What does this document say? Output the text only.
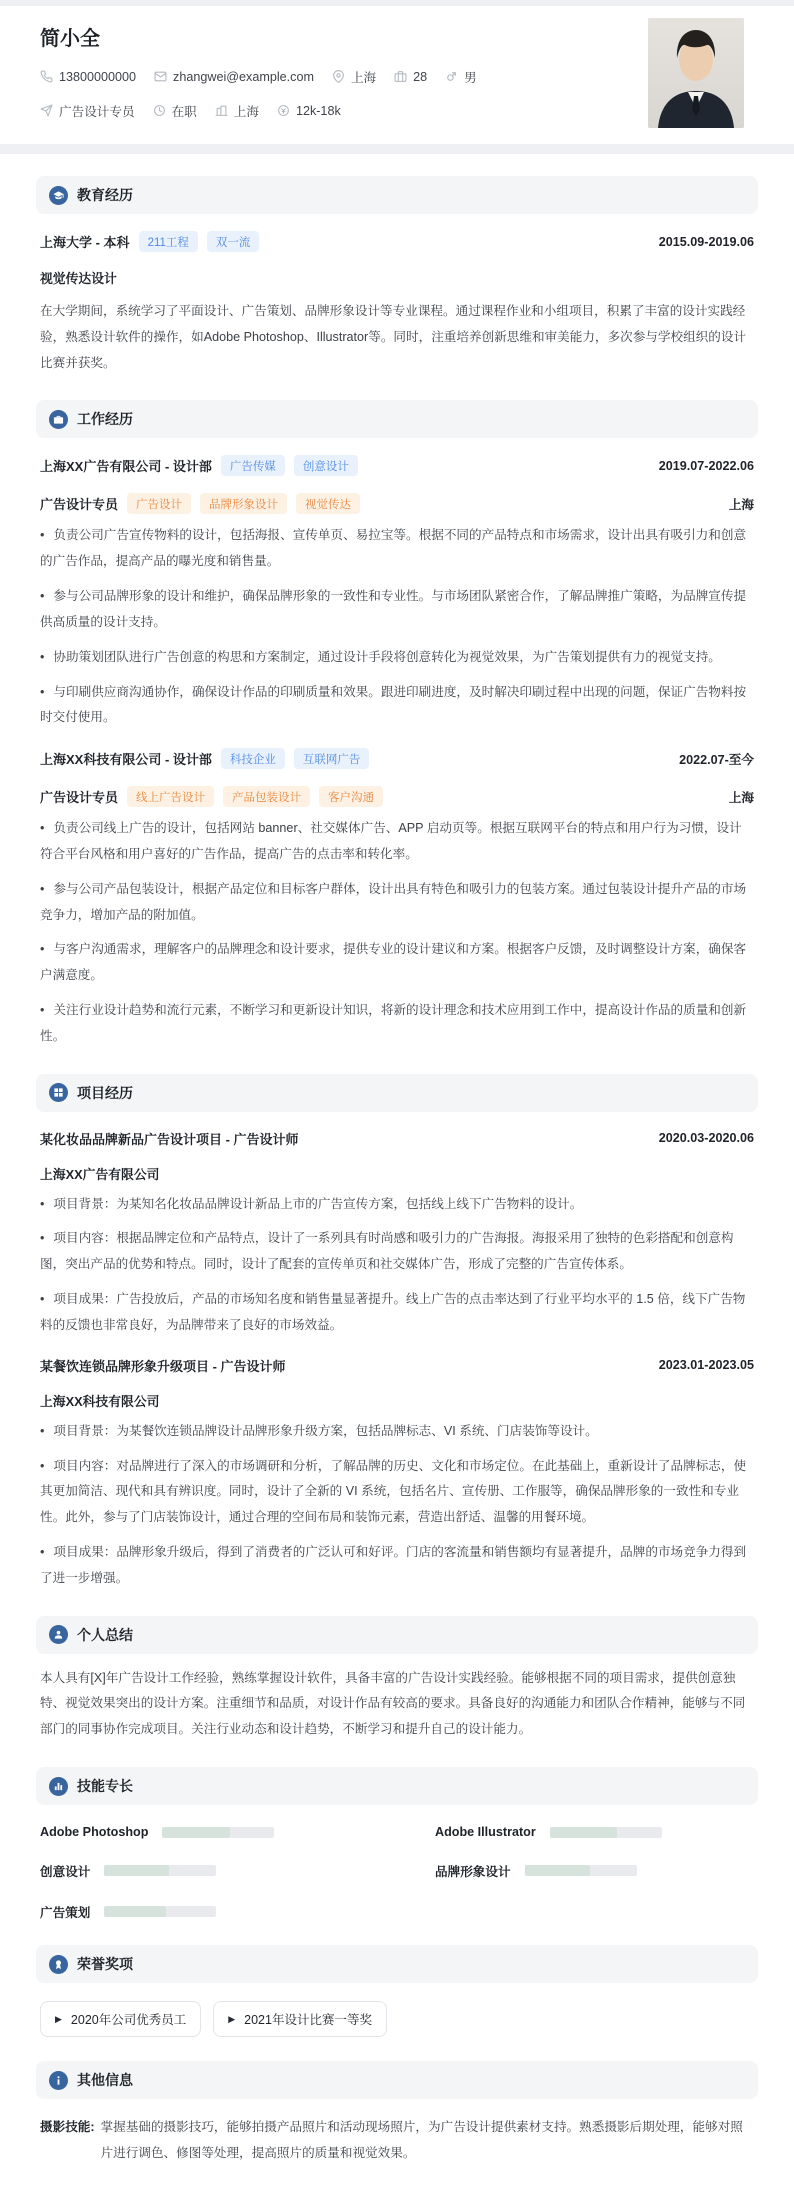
简小全
13800000000	zhangwei@example.com	上海	28	男
广告设计专员	在职	上海	12k-18k
教育经历
上海大学 - 本科	211工程	双一流	2015.09-2019.06
视觉传达设计
在大学期间，系统学习了平面设计、广告策划、品牌形象设计等专业课程。通过课程作业和小组项目，积累了丰富的设计实践经验，熟悉设计软件的操作，如Adobe Photoshop、Illustrator等。同时，注重培养创新思维和审美能力，多次参与学校组织的设计比赛并获奖。
工作经历
上海XX广告有限公司 - 设计部	广告传媒	创意设计	2019.07-2022.06
广告设计专员	广告设计	品牌形象设计	视觉传达	上海
• 负责公司广告宣传物料的设计，包括海报、宣传单页、易拉宝等。根据不同的产品特点和市场需求，设计出具有吸引力和创意的广告作品，提高产品的曝光度和销售量。
• 参与公司品牌形象的设计和维护，确保品牌形象的一致性和专业性。与市场团队紧密合作，了解品牌推广策略，为品牌宣传提供高质量的设计支持。
• 协助策划团队进行广告创意的构思和方案制定，通过设计手段将创意转化为视觉效果，为广告策划提供有力的视觉支持。
• 与印刷供应商沟通协作，确保设计作品的印刷质量和效果。跟进印刷进度，及时解决印刷过程中出现的问题，保证广告物料按时交付使用。
上海XX科技有限公司 - 设计部	科技企业	互联网广告	2022.07-至今
广告设计专员	线上广告设计	产品包装设计	客户沟通	上海
• 负责公司线上广告的设计，包括网站 banner、社交媒体广告、APP 启动页等。根据互联网平台的特点和用户行为习惯，设计符合平台风格和用户喜好的广告作品，提高广告的点击率和转化率。
• 参与公司产品包装设计，根据产品定位和目标客户群体，设计出具有特色和吸引力的包装方案。通过包装设计提升产品的市场竞争力，增加产品的附加值。
• 与客户沟通需求，理解客户的品牌理念和设计要求，提供专业的设计建议和方案。根据客户反馈，及时调整设计方案，确保客户满意度。
• 关注行业设计趋势和流行元素，不断学习和更新设计知识，将新的设计理念和技术应用到工作中，提高设计作品的质量和创新性。
项目经历
某化妆品品牌新品广告设计项目 - 广告设计师	2020.03-2020.06
上海XX广告有限公司
• 项目背景：为某知名化妆品品牌设计新品上市的广告宣传方案，包括线上线下广告物料的设计。
• 项目内容：根据品牌定位和产品特点，设计了一系列具有时尚感和吸引力的广告海报。海报采用了独特的色彩搭配和创意构图，突出产品的优势和特点。同时，设计了配套的宣传单页和社交媒体广告，形成了完整的广告宣传体系。
• 项目成果：广告投放后，产品的市场知名度和销售量显著提升。线上广告的点击率达到了行业平均水平的 1.5 倍，线下广告物料的反馈也非常良好，为品牌带来了良好的市场效益。
某餐饮连锁品牌形象升级项目 - 广告设计师	2023.01-2023.05
上海XX科技有限公司
• 项目背景：为某餐饮连锁品牌设计品牌形象升级方案，包括品牌标志、VI 系统、门店装饰等设计。
• 项目内容：对品牌进行了深入的市场调研和分析，了解品牌的历史、文化和市场定位。在此基础上，重新设计了品牌标志，使其更加简洁、现代和具有辨识度。同时，设计了全新的 VI 系统，包括名片、宣传册、工作服等，确保品牌形象的一致性和专业性。此外，参与了门店装饰设计，通过合理的空间布局和装饰元素，营造出舒适、温馨的用餐环境。
• 项目成果：品牌形象升级后，得到了消费者的广泛认可和好评。门店的客流量和销售额均有显著提升，品牌的市场竞争力得到了进一步增强。
个人总结
本人具有[X]年广告设计工作经验，熟练掌握设计软件，具备丰富的广告设计实践经验。能够根据不同的项目需求，提供创意独特、视觉效果突出的设计方案。注重细节和品质，对设计作品有较高的要求。具备良好的沟通能力和团队合作精神，能够与不同部门的同事协作完成项目。关注行业动态和设计趋势，不断学习和提升自己的设计能力。
技能专长
Adobe Photoshop	Adobe Illustrator
创意设计	品牌形象设计
广告策划
荣誉奖项
▶ 2020年公司优秀员工	▶ 2021年设计比赛一等奖
其他信息
摄影技能: 掌握基础的摄影技巧，能够拍摄产品照片和活动现场照片，为广告设计提供素材支持。熟悉摄影后期处理，能够对照片进行调色、修图等处理，提高照片的质量和视觉效果。
